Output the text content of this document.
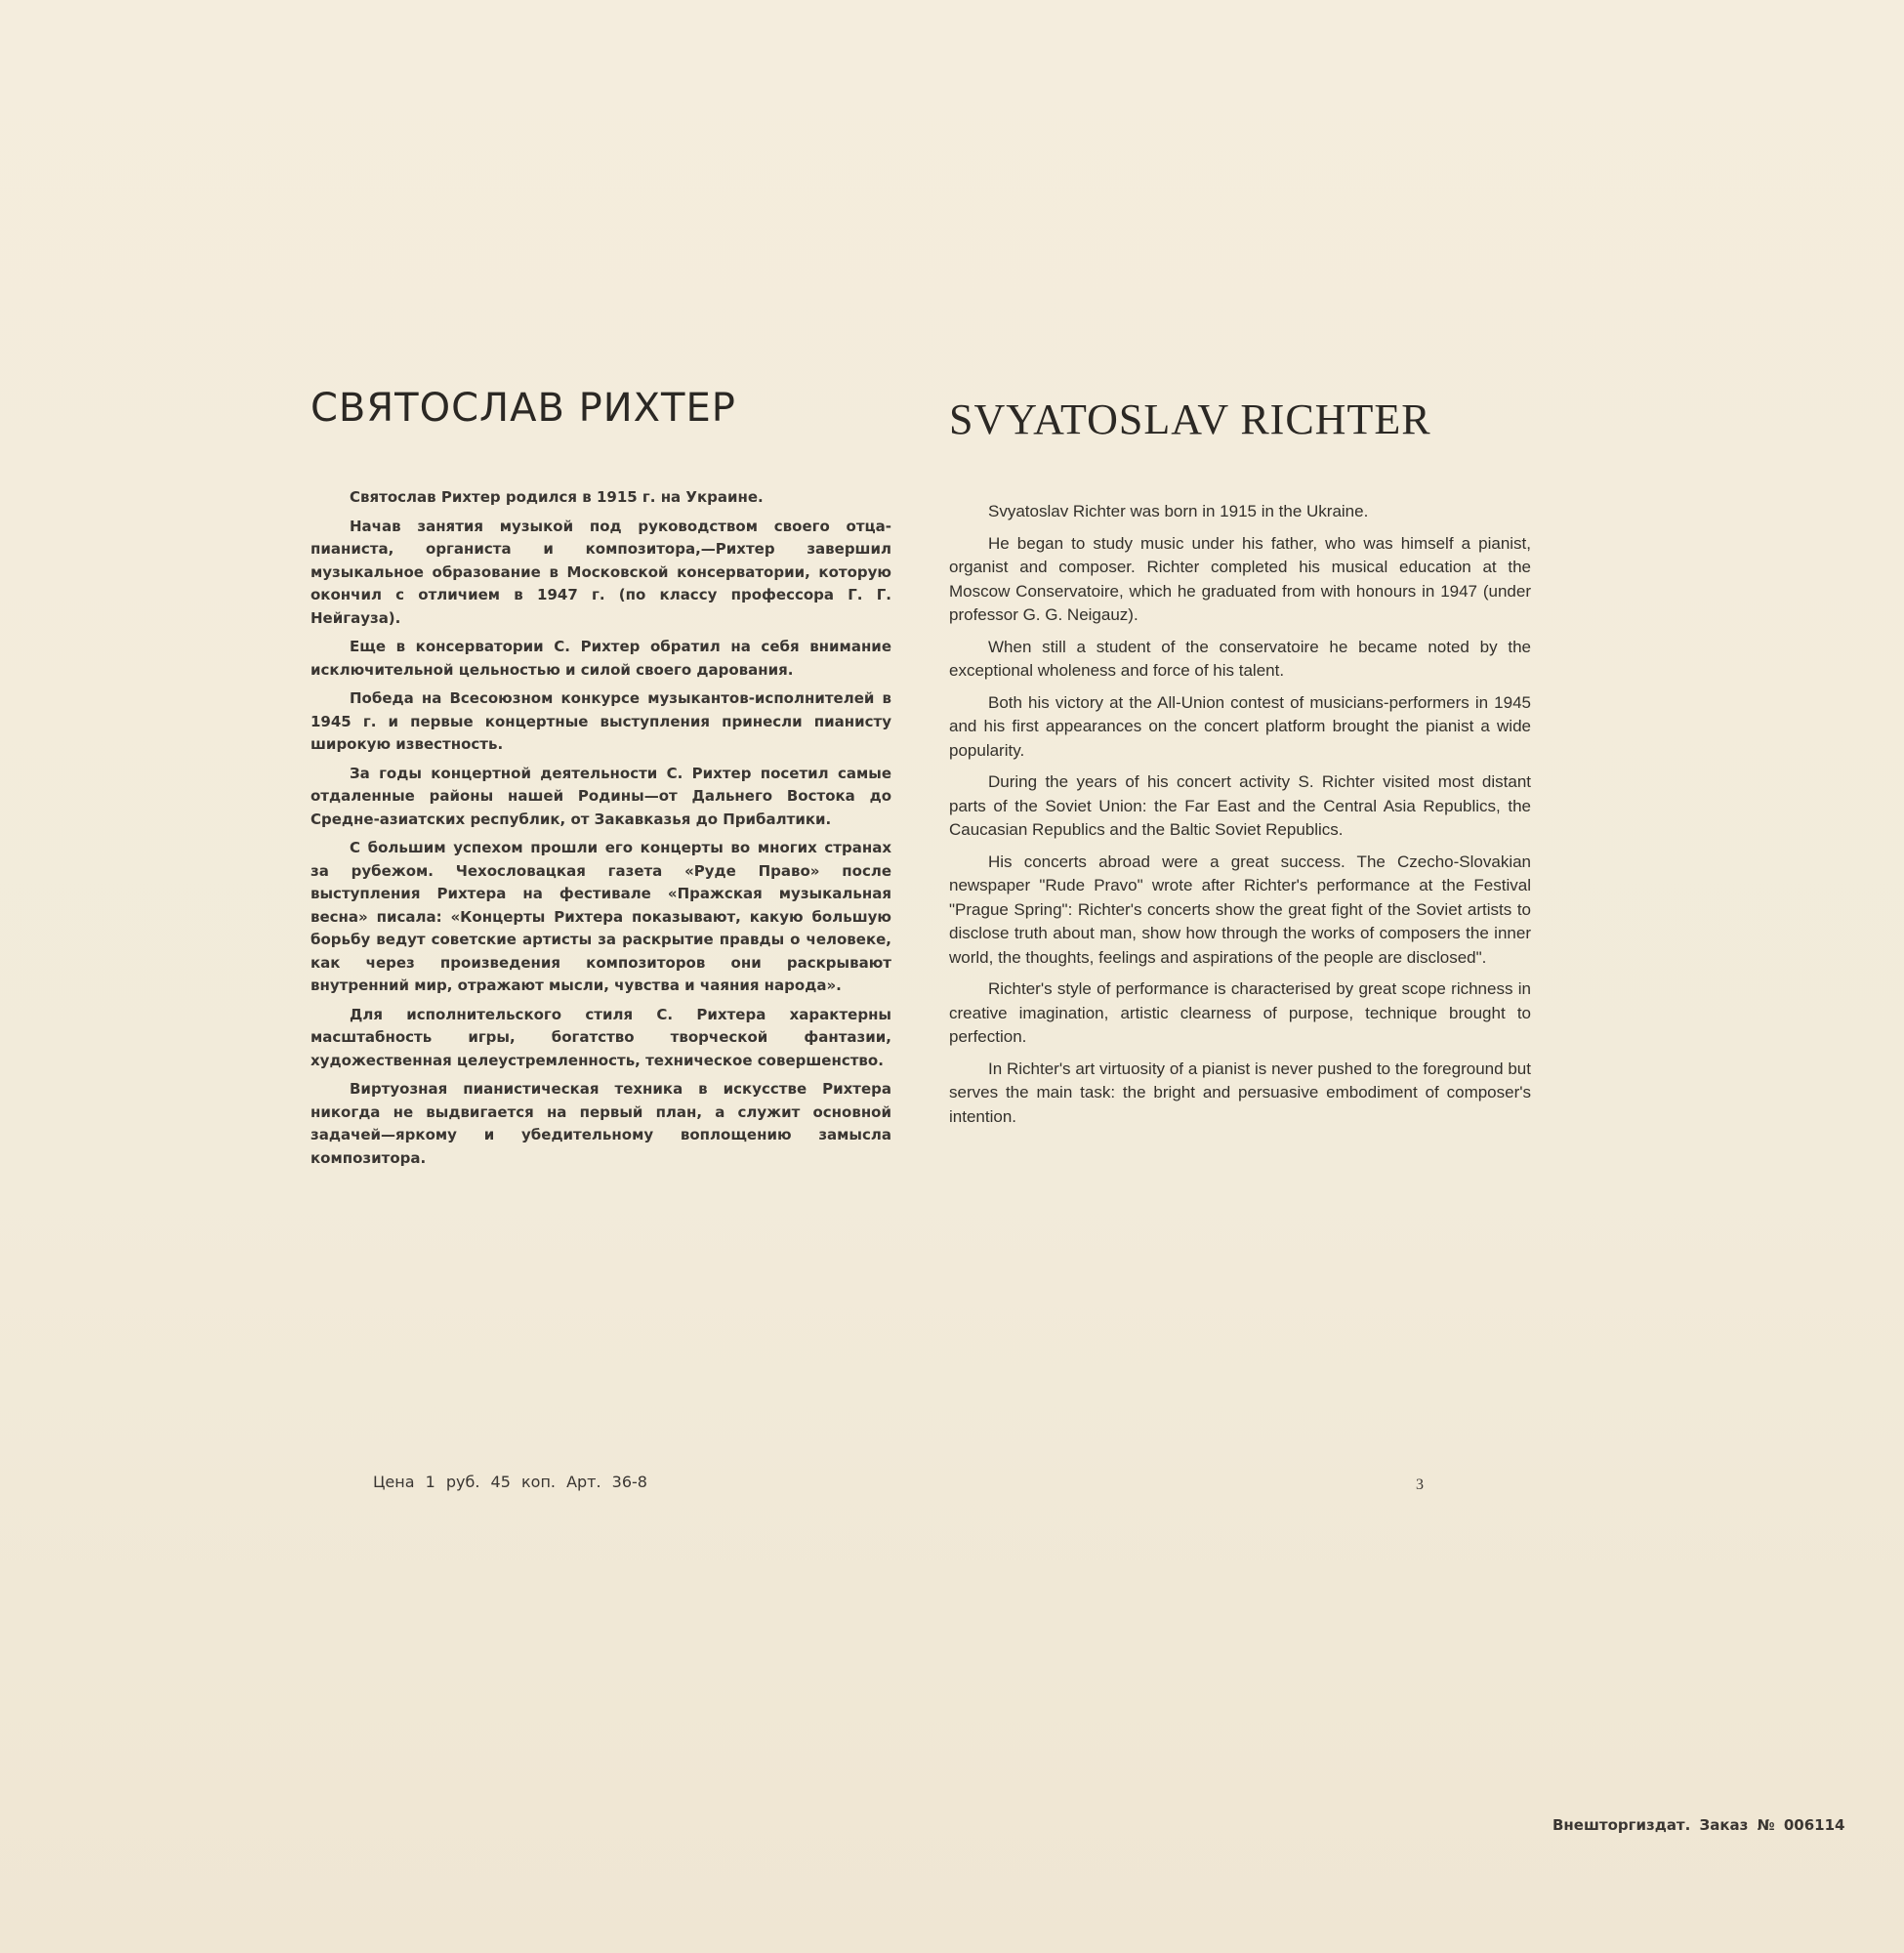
СВЯТОСЛАВ РИХТЕР

Святослав Рихтер родился в 1915 г. на Украине.

Начав занятия музыкой под руководством своего отца-пианиста, органиста и композитора,—Рихтер завершил музыкальное образование в Московской консерватории, которую окончил с отличием в 1947 г. (по классу профессора Г. Г. Нейгауза).

Еще в консерватории С. Рихтер обратил на себя внимание исключительной цельностью и силой своего дарования.

Победа на Всесоюзном конкурсе музыкантов-исполнителей в 1945 г. и первые концертные выступления принесли пианисту широкую известность.

За годы концертной деятельности С. Рихтер посетил самые отдаленные районы нашей Родины—от Дальнего Востока до Средне-азиатских республик, от Закавказья до Прибалтики.

С большим успехом прошли его концерты во многих странах за рубежом. Чехословацкая газета «Руде Право» после выступления Рихтера на фестивале «Пражская музыкальная весна» писала: «Концерты Рихтера показывают, какую большую борьбу ведут советские артисты за раскрытие правды о человеке, как через произведения композиторов они раскрывают внутренний мир, отражают мысли, чувства и чаяния народа».

Для исполнительского стиля С. Рихтера характерны масштабность игры, богатство творческой фантазии, художественная целеустремленность, техническое совершенство.

Виртуозная пианистическая техника в искусстве Рихтера никогда не выдвигается на первый план, а служит основной задачей—яркому и убедительному воплощению замысла композитора.

SVYATOSLAV RICHTER

Svyatoslav Richter was born in 1915 in the Ukraine.

He began to study music under his father, who was himself a pianist, organist and composer. Richter completed his musical education at the Moscow Conservatoire, which he graduated from with honours in 1947 (under professor G. G. Neigauz).

When still a student of the conservatoire he became noted by the exceptional wholeness and force of his talent.

Both his victory at the All-Union contest of musicians-performers in 1945 and his first appearances on the concert platform brought the pianist a wide popularity.

During the years of his concert activity S. Richter visited most distant parts of the Soviet Union: the Far East and the Central Asia Republics, the Caucasian Republics and the Baltic Soviet Republics.

His concerts abroad were a great success. The Czecho-Slovakian newspaper "Rude Pravo" wrote after Richter's performance at the Festival "Prague Spring": Richter's concerts show the great fight of the Soviet artists to disclose truth about man, show how through the works of composers the inner world, the thoughts, feelings and aspirations of the people are disclosed".

Richter's style of performance is characterised by great scope richness in creative imagination, artistic clearness of purpose, technique brought to perfection.

In Richter's art virtuosity of a pianist is never pushed to the foreground but serves the main task: the bright and persuasive embodiment of composer's intention.

Цена 1 руб. 45 коп. Арт. 36-8	3
Внешторгиздат. Заказ № 006114
